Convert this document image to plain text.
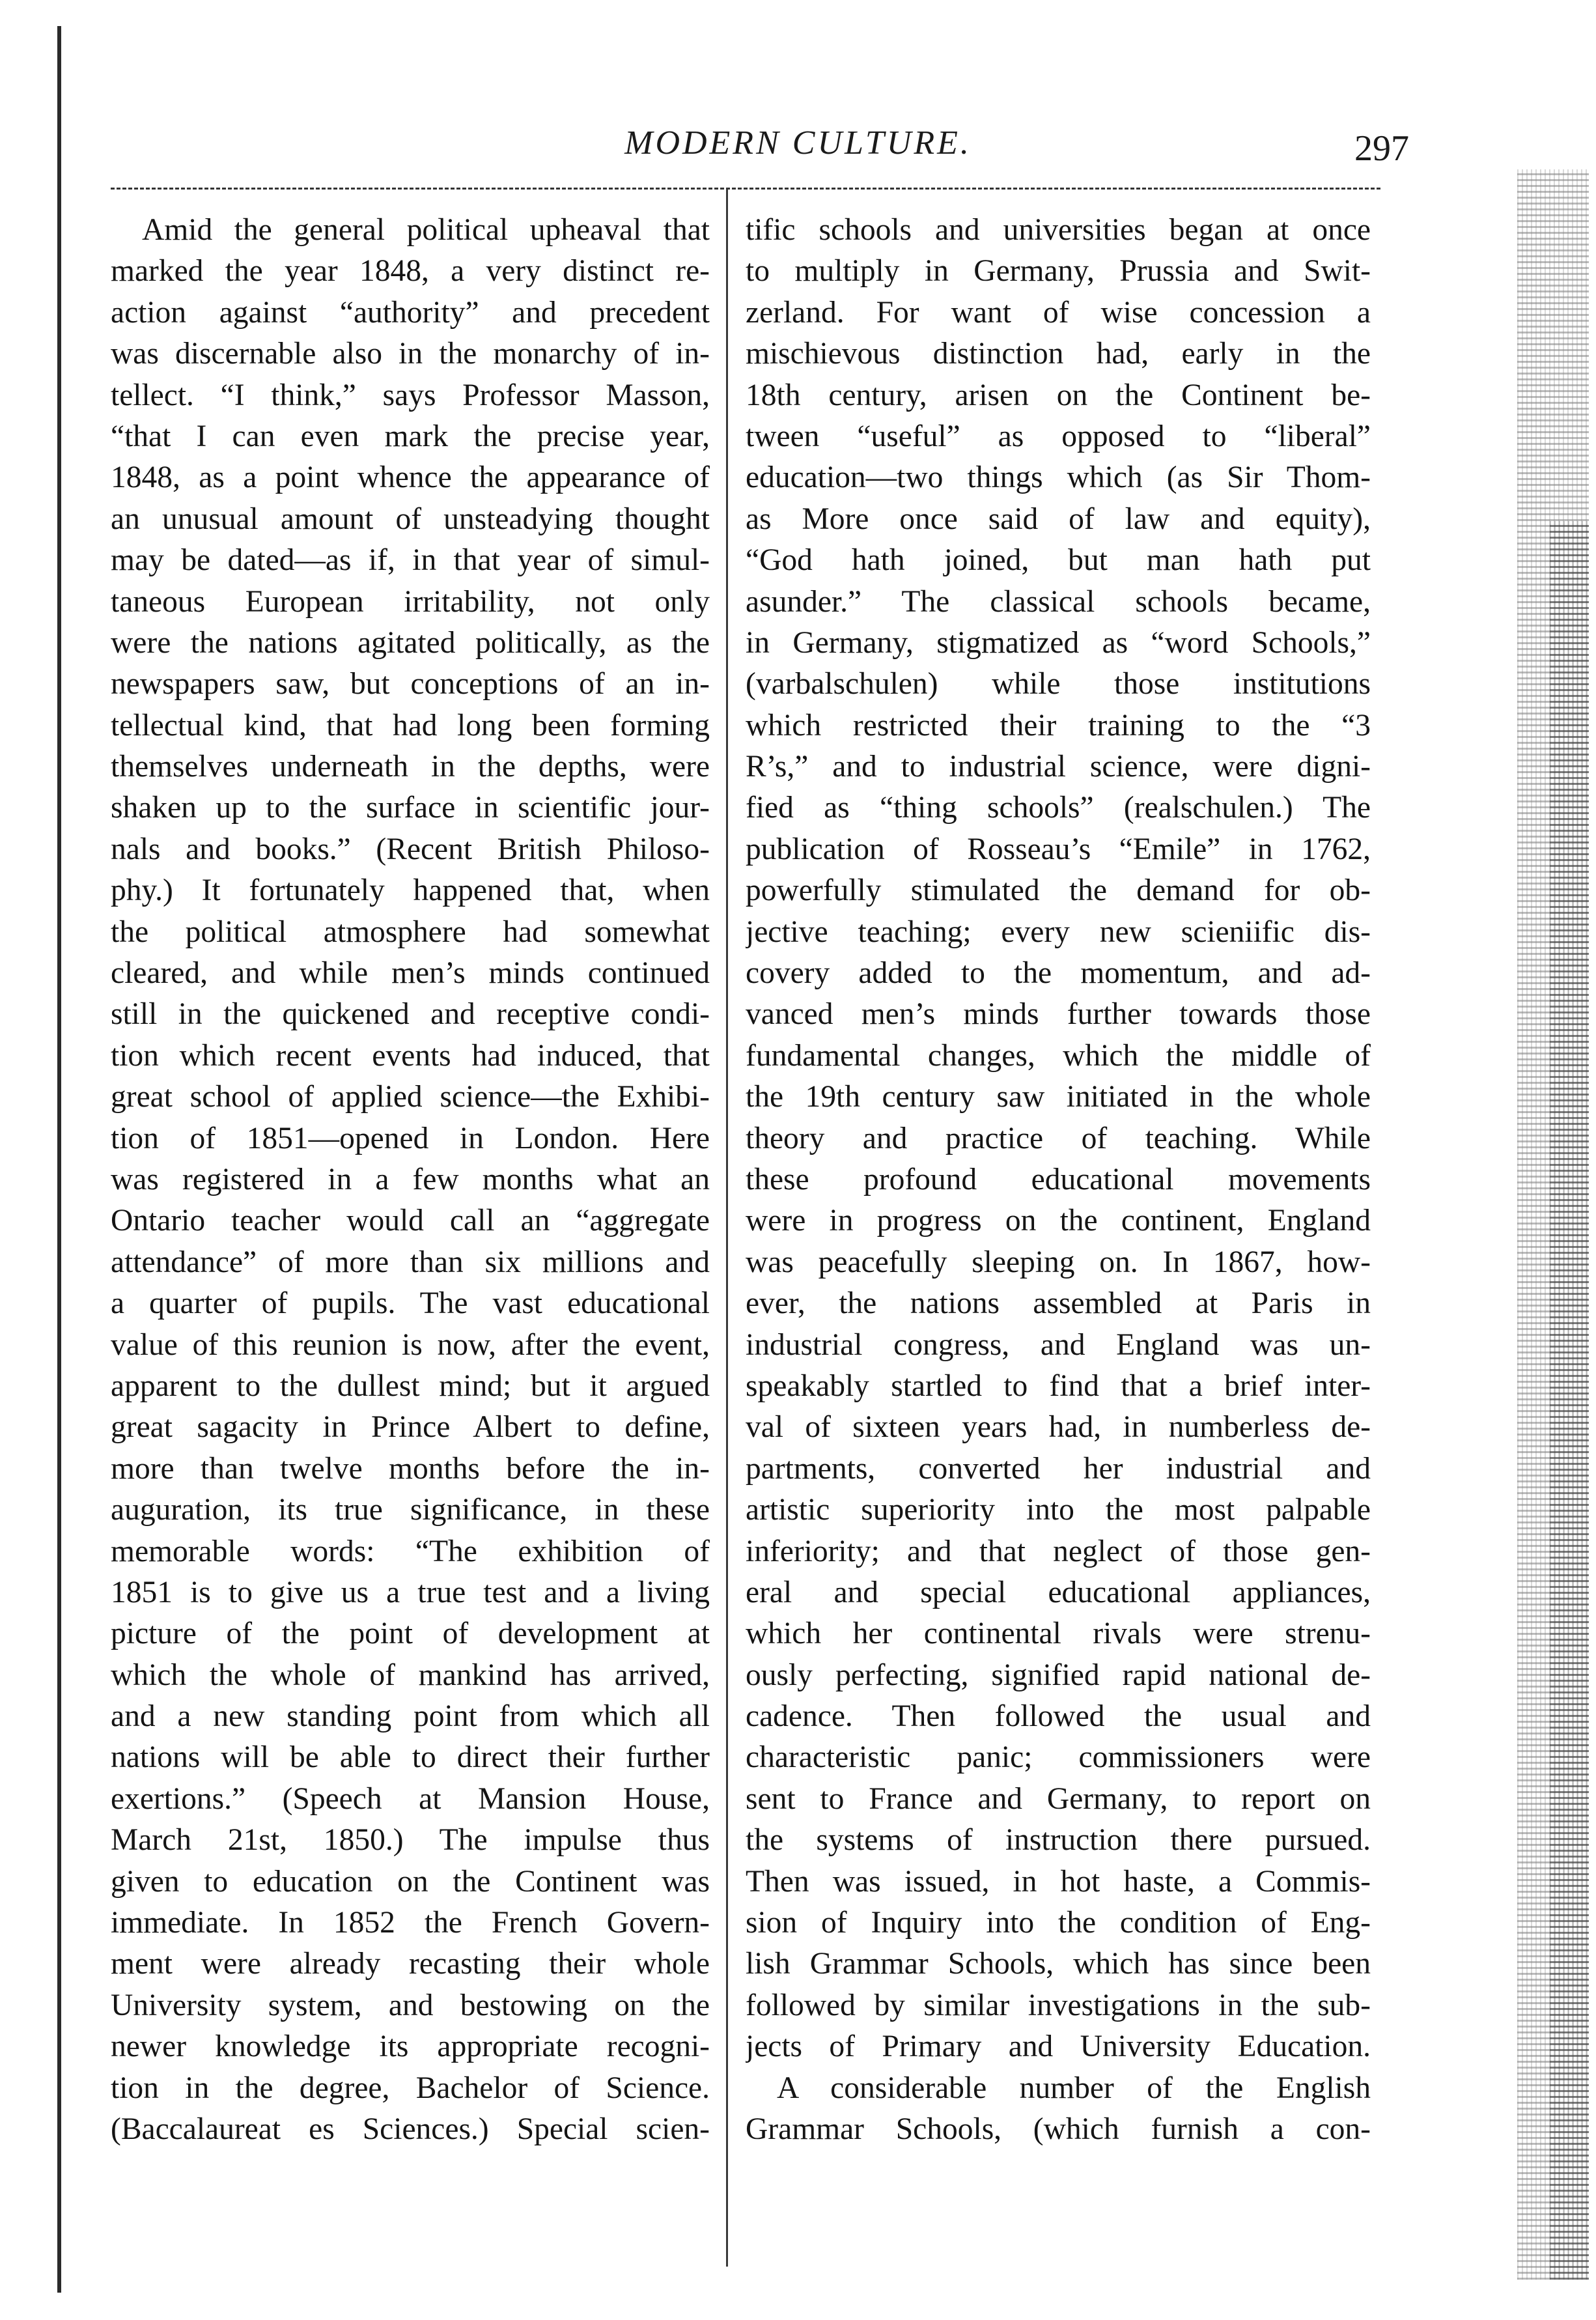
MODERN CULTURE.	297
Amid the general political upheaval that
marked the year 1848, a very distinct re-
action against “authority” and precedent
was discernable also in the monarchy of in-
tellect. “I think,” says Professor Masson,
“that I can even mark the precise year,
1848, as a point whence the appearance of
an unusual amount of unsteadying thought
may be dated—as if, in that year of simul-
taneous European irritability, not only
were the nations agitated politically, as the
newspapers saw, but conceptions of an in-
tellectual kind, that had long been forming
themselves underneath in the depths, were
shaken up to the surface in scientific jour-
nals and books.” (Recent British Philoso-
phy.) It fortunately happened that, when
the political atmosphere had somewhat
cleared, and while men’s minds continued
still in the quickened and receptive condi-
tion which recent events had induced, that
great school of applied science—the Exhibi-
tion of 1851—opened in London. Here
was registered in a few months what an
Ontario teacher would call an “aggregate
attendance” of more than six millions and
a quarter of pupils. The vast educational
value of this reunion is now, after the event,
apparent to the dullest mind; but it argued
great sagacity in Prince Albert to define,
more than twelve months before the in-
auguration, its true significance, in these
memorable words: “The exhibition of
1851 is to give us a true test and a living
picture of the point of development at
which the whole of mankind has arrived,
and a new standing point from which all
nations will be able to direct their further
exertions.” (Speech at Mansion House,
March 21st, 1850.) The impulse thus
given to education on the Continent was
immediate. In 1852 the French Govern-
ment were already recasting their whole
University system, and bestowing on the
newer knowledge its appropriate recogni-
tion in the degree, Bachelor of Science.
(Baccalaureat es Sciences.) Special scien-
tific schools and universities began at once
to multiply in Germany, Prussia and Swit-
zerland. For want of wise concession a
mischievous distinction had, early in the
18th century, arisen on the Continent be-
tween “useful” as opposed to “liberal”
education—two things which (as Sir Thom-
as More once said of law and equity),
“God hath joined, but man hath put
asunder.” The classical schools became,
in Germany, stigmatized as “word Schools,”
(varbalschulen) while those institutions
which restricted their training to the “3
R’s,” and to industrial science, were digni-
fied as “thing schools” (realschulen.) The
publication of Rosseau’s “Emile” in 1762,
powerfully stimulated the demand for ob-
jective teaching; every new scieniific dis-
covery added to the momentum, and ad-
vanced men’s minds further towards those
fundamental changes, which the middle of
the 19th century saw initiated in the whole
theory and practice of teaching. While
these profound educational movements
were in progress on the continent, England
was peacefully sleeping on. In 1867, how-
ever, the nations assembled at Paris in
industrial congress, and England was un-
speakably startled to find that a brief inter-
val of sixteen years had, in numberless de-
partments, converted her industrial and
artistic superiority into the most palpable
inferiority; and that neglect of those gen-
eral and special educational appliances,
which her continental rivals were strenu-
ously perfecting, signified rapid national de-
cadence. Then followed the usual and
characteristic panic; commissioners were
sent to France and Germany, to report on
the systems of instruction there pursued.
Then was issued, in hot haste, a Commis-
sion of Inquiry into the condition of Eng-
lish Grammar Schools, which has since been
followed by similar investigations in the sub-
jects of Primary and University Education.
A considerable number of the English
Grammar Schools, (which furnish a con-
